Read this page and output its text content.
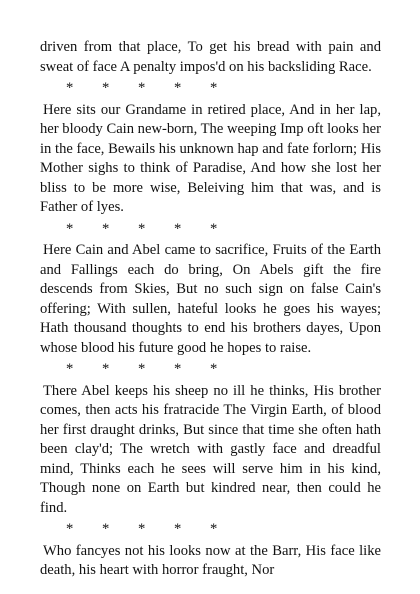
driven from that place, To get his bread with pain and sweat of face A penalty impos'd on his backsliding Race.

* * * * *

Here sits our Grandame in retired place, And in her lap, her bloody Cain new-born, The weeping Imp oft looks her in the face, Bewails his unknown hap and fate forlorn; His Mother sighs to think of Paradise, And how she lost her bliss to be more wise, Beleiving him that was, and is Father of lyes.

* * * * *

Here Cain and Abel came to sacrifice, Fruits of the Earth and Fallings each do bring, On Abels gift the fire descends from Skies, But no such sign on false Cain's offering; With sullen, hateful looks he goes his wayes; Hath thousand thoughts to end his brothers dayes, Upon whose blood his future good he hopes to raise.

* * * * *

There Abel keeps his sheep no ill he thinks, His brother comes, then acts his fratracide The Virgin Earth, of blood her first draught drinks, But since that time she often hath been clay'd; The wretch with gastly face and dreadful mind, Thinks each he sees will serve him in his kind, Though none on Earth but kindred near, then could he find.

* * * * *

Who fancyes not his looks now at the Barr, His face like death, his heart with horror fraught, Nor
